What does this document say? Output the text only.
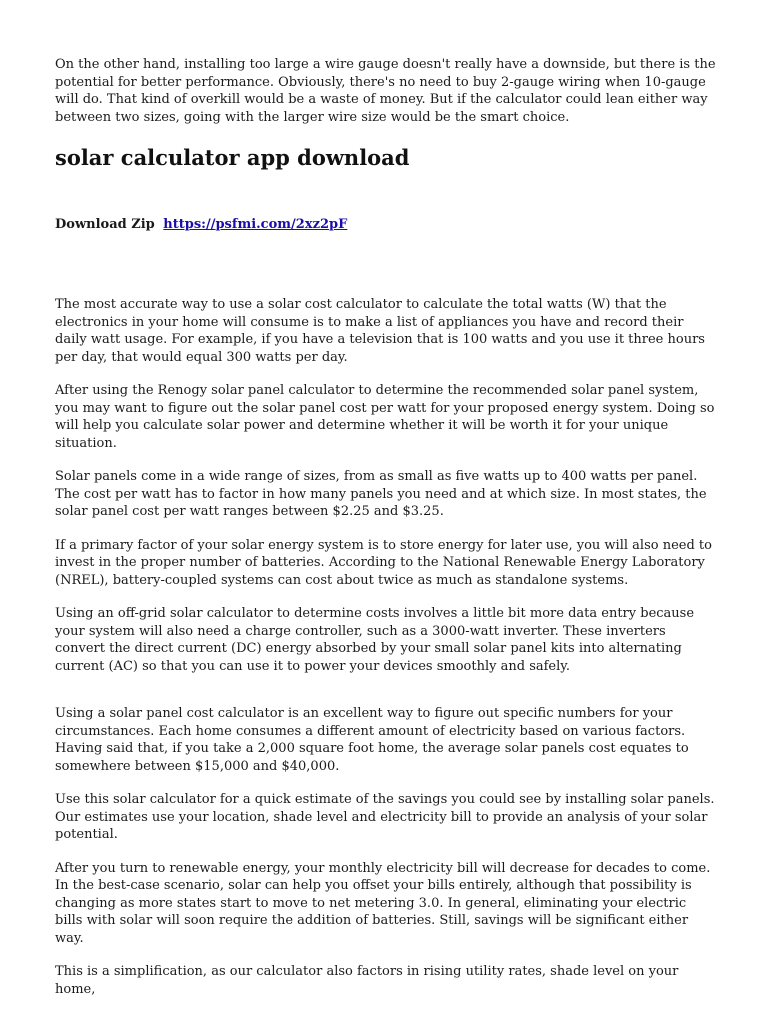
On the other hand, installing too large a wire gauge doesn't really have a downside, but there is the potential for better performance. Obviously, there's no need to buy 2-gauge wiring when 10-gauge will do. That kind of overkill would be a waste of money. But if the calculator could lean either way between two sizes, going with the larger wire size would be the smart choice.

solar calculator app download
Download Zip https://psfmi.com/2xz2pF

The most accurate way to use a solar cost calculator to calculate the total watts (W) that the electronics in your home will consume is to make a list of appliances you have and record their daily watt usage. For example, if you have a television that is 100 watts and you use it three hours per day, that would equal 300 watts per day.

After using the Renogy solar panel calculator to determine the recommended solar panel system, you may want to figure out the solar panel cost per watt for your proposed energy system. Doing so will help you calculate solar power and determine whether it will be worth it for your unique situation.

Solar panels come in a wide range of sizes, from as small as five watts up to 400 watts per panel. The cost per watt has to factor in how many panels you need and at which size. In most states, the solar panel cost per watt ranges between $2.25 and $3.25.

If a primary factor of your solar energy system is to store energy for later use, you will also need to invest in the proper number of batteries. According to the National Renewable Energy Laboratory (NREL), battery-coupled systems can cost about twice as much as standalone systems.

Using an off-grid solar calculator to determine costs involves a little bit more data entry because your system will also need a charge controller, such as a 3000-watt inverter. These inverters convert the direct current (DC) energy absorbed by your small solar panel kits into alternating current (AC) so that you can use it to power your devices smoothly and safely.

Using a solar panel cost calculator is an excellent way to figure out specific numbers for your circumstances. Each home consumes a different amount of electricity based on various factors. Having said that, if you take a 2,000 square foot home, the average solar panels cost equates to somewhere between $15,000 and $40,000.

Use this solar calculator for a quick estimate of the savings you could see by installing solar panels. Our estimates use your location, shade level and electricity bill to provide an analysis of your solar potential.

After you turn to renewable energy, your monthly electricity bill will decrease for decades to come. In the best-case scenario, solar can help you offset your bills entirely, although that possibility is changing as more states start to move to net metering 3.0. In general, eliminating your electric bills with solar will soon require the addition of batteries. Still, savings will be significant either way.

This is a simplification, as our calculator also factors in rising utility rates, shade level on your home,
